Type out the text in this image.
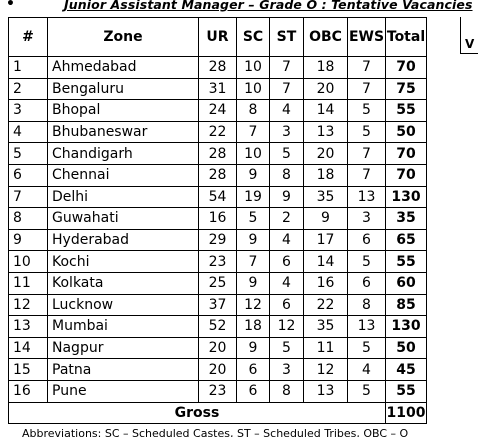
•	Junior Assistant Manager – Grade O : Tentative Vacancies
#	Zone	UR	SC	ST	OBC	EWS	Total
1	Ahmedabad	28	10	7	18	7	70
2	Bengaluru	31	10	7	20	7	75
3	Bhopal	24	8	4	14	5	55
4	Bhubaneswar	22	7	3	13	5	50
5	Chandigarh	28	10	5	20	7	70
6	Chennai	28	9	8	18	7	70
7	Delhi	54	19	9	35	13	130
8	Guwahati	16	5	2	9	3	35
9	Hyderabad	29	9	4	17	6	65
10	Kochi	23	7	6	14	5	55
11	Kolkata	25	9	4	16	6	60
12	Lucknow	37	12	6	22	8	85
13	Mumbai	52	18	12	35	13	130
14	Nagpur	20	9	5	11	5	50
15	Patna	20	6	3	12	4	45
16	Pune	23	6	8	13	5	55
Gross							1100
V
Abbreviations: SC – Scheduled Castes, ST – Scheduled Tribes, OBC – O
